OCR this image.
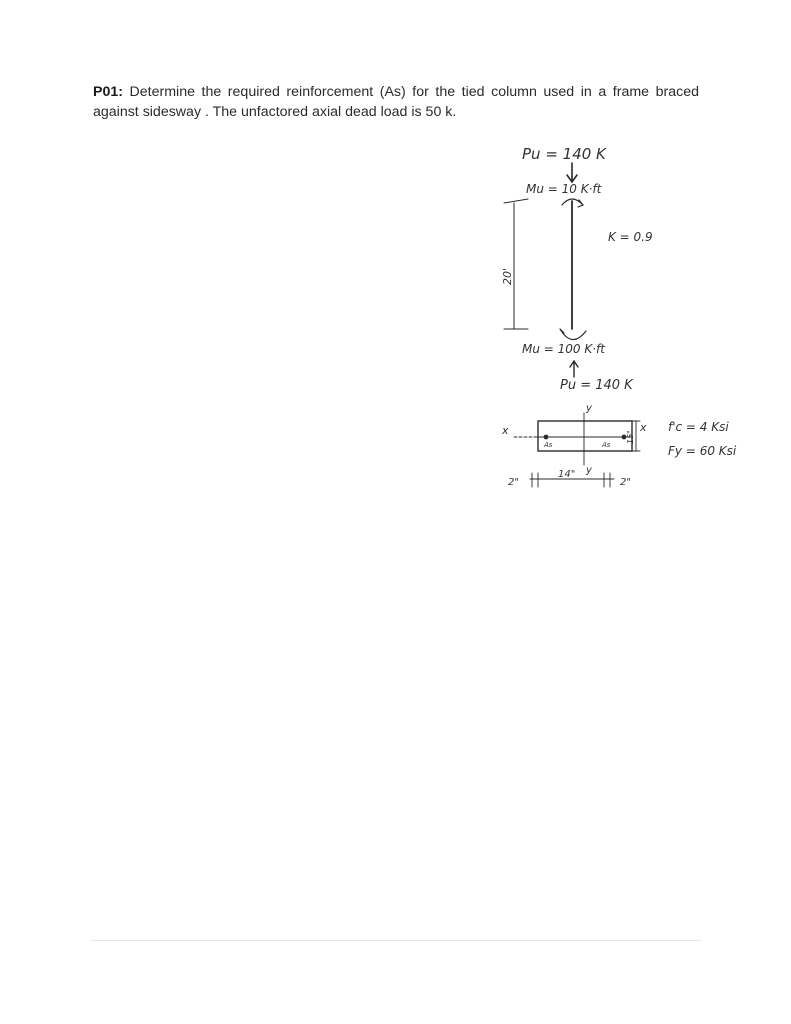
P01: Determine the required reinforcement (As) for the tied column used in a frame braced against sidesway . The unfactored axial dead load is 50 k.

Pu = 140 K
Mu = 10 K·ft
20'
K = 0.9
Mu = 100 K·ft
Pu = 140 K
y
y
x	x
As	As
15"
14"
2"	2"
f'c = 4 Ksi
Fy = 60 Ksi
